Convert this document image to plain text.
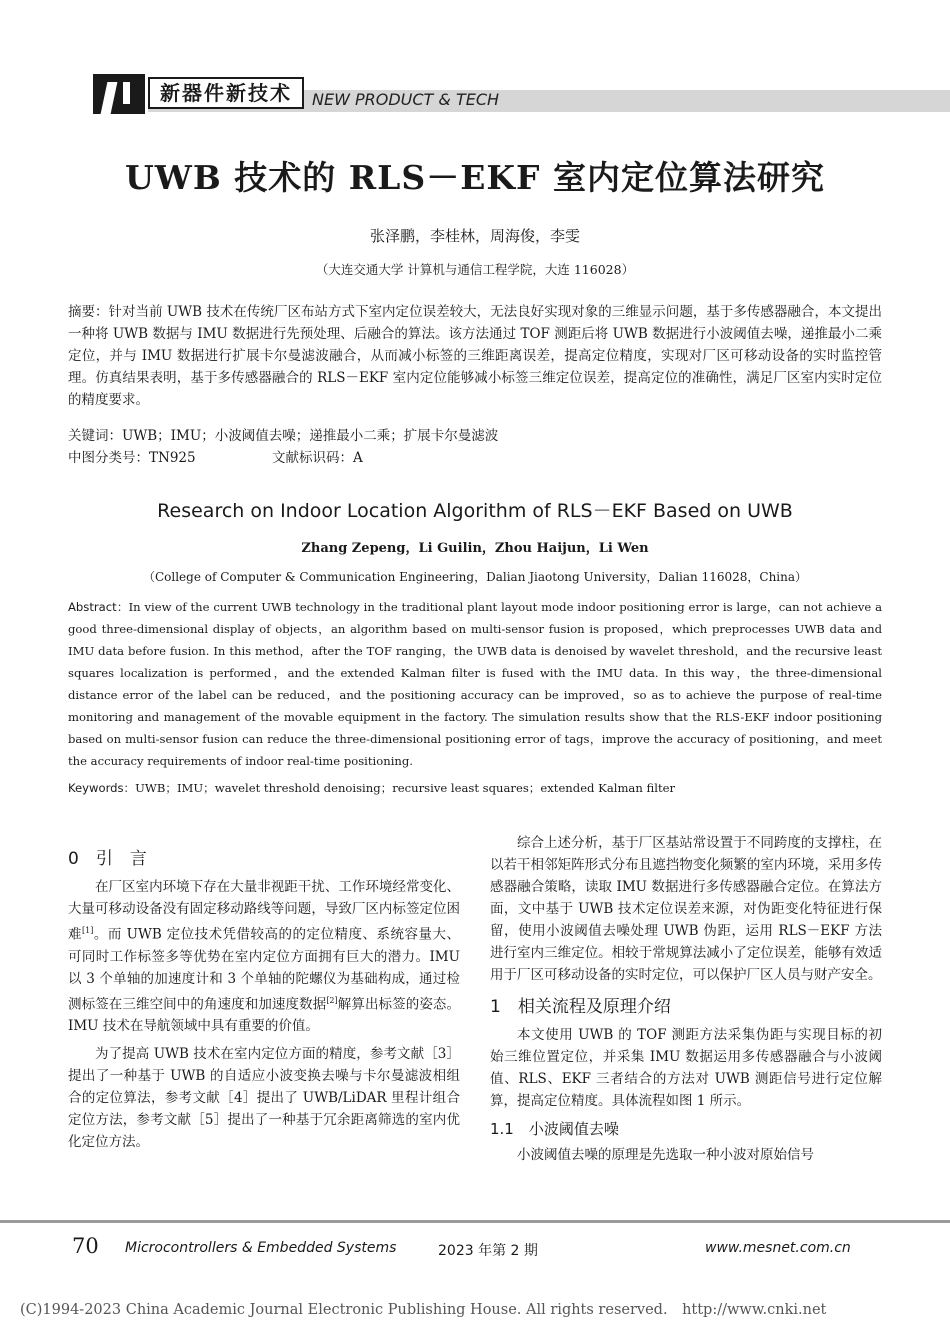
新器件新技术	NEW PRODUCT & TECH
UWB 技术的 RLS－EKF 室内定位算法研究
张泽鹏，李桂林，周海俊，李雯
（大连交通大学 计算机与通信工程学院，大连 116028）
摘要：针对当前 UWB 技术在传统厂区布站方式下室内定位误差较大，无法良好实现对象的三维显示问题，基于多传感器融合，本文提出一种将 UWB 数据与 IMU 数据进行先预处理、后融合的算法。该方法通过 TOF 测距后将 UWB 数据进行小波阈值去噪，递推最小二乘定位，并与 IMU 数据进行扩展卡尔曼滤波融合，从而减小标签的三维距离误差，提高定位精度，实现对厂区可移动设备的实时监控管理。仿真结果表明，基于多传感器融合的 RLS－EKF 室内定位能够减小标签三维定位误差，提高定位的准确性，满足厂区室内实时定位的精度要求。
关键词：UWB；IMU；小波阈值去噪；递推最小二乘；扩展卡尔曼滤波
中图分类号：TN925	文献标识码：A
Research on Indoor Location Algorithm of RLS－EKF Based on UWB
Zhang Zepeng，Li Guilin，Zhou Haijun，Li Wen
（College of Computer & Communication Engineering，Dalian Jiaotong University，Dalian 116028，China）
Abstract：In view of the current UWB technology in the traditional plant layout mode indoor positioning error is large，can not achieve a good three-dimensional display of objects，an algorithm based on multi-sensor fusion is proposed，which preprocesses UWB data and IMU data before fusion. In this method，after the TOF ranging，the UWB data is denoised by wavelet threshold，and the recursive least squares localization is performed，and the extended Kalman filter is fused with the IMU data. In this way，the three-dimensional distance error of the label can be reduced，and the positioning accuracy can be improved，so as to achieve the purpose of real-time monitoring and management of the movable equipment in the factory. The simulation results show that the RLS-EKF indoor positioning based on multi-sensor fusion can reduce the three-dimensional positioning error of tags，improve the accuracy of positioning，and meet the accuracy requirements of indoor real-time positioning.
Keywords：UWB；IMU；wavelet threshold denoising；recursive least squares；extended Kalman filter
0　引　言

在厂区室内环境下存在大量非视距干扰、工作环境经常变化、大量可移动设备没有固定移动路线等问题，导致厂区内标签定位困难[1]。而 UWB 定位技术凭借较高的的定位精度、系统容量大、可同时工作标签多等优势在室内定位方面拥有巨大的潜力。IMU 以 3 个单轴的加速度计和 3 个单轴的陀螺仪为基础构成，通过检测标签在三维空间中的角速度和加速度数据[2]解算出标签的姿态。IMU 技术在导航领域中具有重要的价值。

为了提高 UWB 技术在室内定位方面的精度，参考文献［3］提出了一种基于 UWB 的自适应小波变换去噪与卡尔曼滤波相组合的定位算法，参考文献［4］提出了 UWB/LiDAR 里程计组合定位方法，参考文献［5］提出了一种基于冗余距离筛选的室内优化定位方法。

综合上述分析，基于厂区基站常设置于不同跨度的支撑柱，在以若干相邻矩阵形式分布且遮挡物变化频繁的室内环境，采用多传感器融合策略，读取 IMU 数据进行多传感器融合定位。在算法方面，文中基于 UWB 技术定位误差来源，对伪距变化特征进行保留，使用小波阈值去噪处理 UWB 伪距，运用 RLS－EKF 方法进行室内三维定位。相较于常规算法减小了定位误差，能够有效适用于厂区可移动设备的实时定位，可以保护厂区人员与财产安全。

1　相关流程及原理介绍

本文使用 UWB 的 TOF 测距方法采集伪距与实现目标的初始三维位置定位，并采集 IMU 数据运用多传感器融合与小波阈值、RLS、EKF 三者结合的方法对 UWB 测距信号进行定位解算，提高定位精度。具体流程如图 1 所示。

1.1　小波阈值去噪

小波阈值去噪的原理是先选取一种小波对原始信号

70 Microcontrollers & Embedded Systems	2023 年第 2 期	www.mesnet.com.cn
(C)1994-2023 China Academic Journal Electronic Publishing House. All rights reserved.　http://www.cnki.net
